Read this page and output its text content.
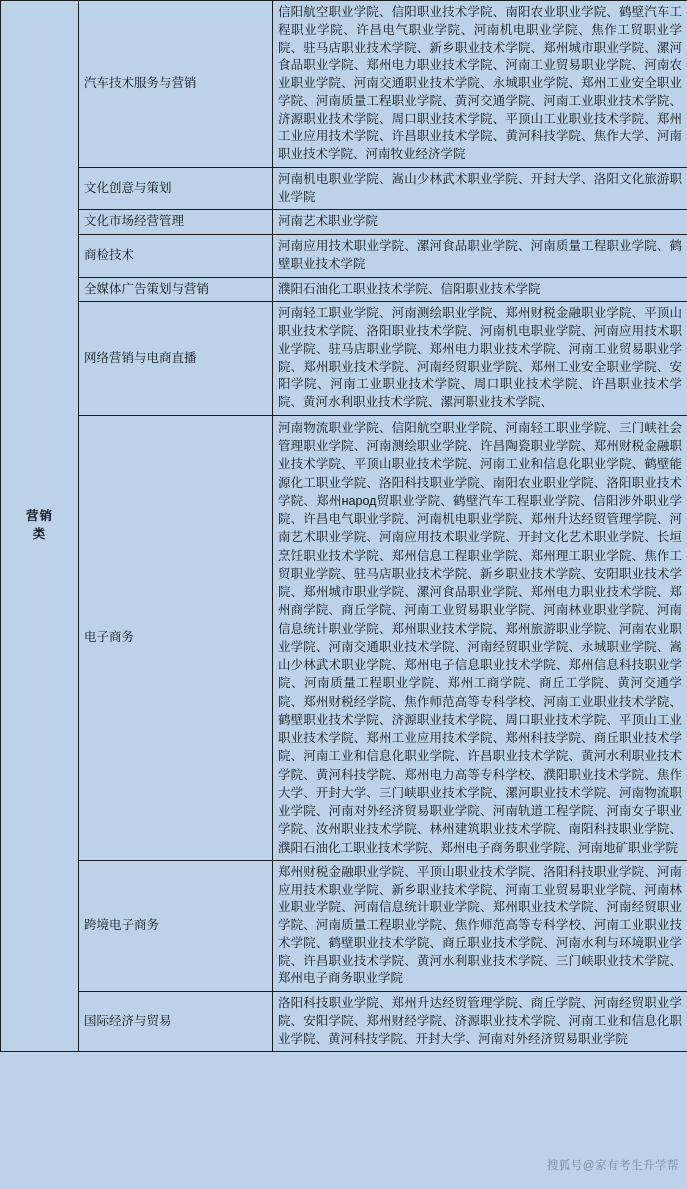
营销类	汽车技术服务与营销	信阳航空职业学院、信阳职业技术学院、南阳农业职业学院、鹤壁汽车工程职业学院、许昌电气职业学院、河南机电职业学院、焦作工贸职业学院、驻马店职业技术学院、新乡职业技术学院、郑州城市职业学院、漯河食品职业学院、郑州电力职业技术学院、河南工业贸易职业学院、河南农业职业学院、河南交通职业技术学院、永城职业学院、郑州工业安全职业学院、河南质量工程职业学院、黄河交通学院、河南工业职业技术学院、济源职业技术学院、周口职业技术学院、平顶山工业职业技术学院、郑州工业应用技术学院、许昌职业技术学院、黄河科技学院、焦作大学、河南职业技术学院、河南牧业经济学院
	文化创意与策划	河南机电职业学院、嵩山少林武术职业学院、开封大学、洛阳文化旅游职业学院
	文化市场经营管理	河南艺术职业学院
	商检技术	河南应用技术职业学院、漯河食品职业学院、河南质量工程职业学院、鹤壁职业技术学院
	全媒体广告策划与营销	濮阳石油化工职业技术学院、信阳职业技术学院
	网络营销与电商直播	河南轻工职业学院、河南测绘职业学院、郑州财税金融职业学院、平顶山职业技术学院、洛阳职业技术学院、河南机电职业学院、河南应用技术职业学院、驻马店职业学院、郑州电力职业技术学院、河南工业贸易职业学院、郑州职业技术学院、河南经贸职业学院、郑州工业安全职业学院、安阳学院、河南工业职业技术学院、周口职业技术学院、许昌职业技术学院、黄河水利职业技术学院、漯河职业技术学院、
	电子商务	河南物流职业学院、信阳航空职业学院、河南轻工职业学院、三门峡社会管理职业学院、河南测绘职业学院、许昌陶瓷职业学院、郑州财税金融职业技术学院、平顶山职业技术学院、河南工业和信息化职业学院、鹤壁能源化工职业学院、洛阳科技职业学院、南阳农业职业学院、洛阳职业技术学院、郑州народ贸职业学院、鹤壁汽车工程职业学院、信阳涉外职业学院、许昌电气职业学院、河南机电职业学院、郑州升达经贸管理学院、河南艺术职业学院、河南应用技术职业学院、开封文化艺术职业学院、长垣烹饪职业技术学院、郑州信息工程职业学院、郑州理工职业学院、焦作工贸职业学院、驻马店职业技术学院、新乡职业技术学院、安阳职业技术学院、郑州城市职业学院、漯河食品职业学院、郑州电力职业技术学院、郑州商学院、商丘学院、河南工业贸易职业学院、河南林业职业学院、河南信息统计职业学院、郑州职业技术学院、郑州旅游职业学院、河南农业职业学院、河南交通职业技术学院、河南经贸职业学院、永城职业学院、嵩山少林武术职业学院、郑州电子信息职业技术学院、郑州信息科技职业学院、河南质量工程职业学院、郑州工商学院、商丘工学院、黄河交通学院、郑州财税经学院、焦作师范高等专科学校、河南工业职业技术学院、鹤壁职业技术学院、济源职业技术学院、周口职业技术学院、平顶山工业职业技术学院、郑州工业应用技术学院、郑州科技学院、商丘职业技术学院、河南工业和信息化职业学院、许昌职业技术学院、黄河水利职业技术学院、黄河科技学院、郑州电力高等专科学校、濮阳职业技术学院、焦作大学、开封大学、三门峡职业技术学院、漯河职业技术学院、河南物流职业学院、河南对外经济贸易职业学院、河南轨道工程学院、河南女子职业学院、汝州职业技术学院、林州建筑职业技术学院、南阳科技职业学院、濮阳石油化工职业技术学院、郑州电子商务职业学院、河南地矿职业学院
	跨境电子商务	郑州财税金融职业学院、平顶山职业技术学院、洛阳科技职业学院、河南应用技术职业学院、新乡职业技术学院、河南工业贸易职业学院、河南林业职业学院、河南信息统计职业学院、郑州职业技术学院、河南经贸职业学院、河南质量工程职业学院、焦作师范高等专科学校、河南工业职业技术学院、鹤壁职业技术学院、商丘职业技术学院、河南水利与环境职业学院、许昌职业技术学院、黄河水利职业技术学院、三门峡职业技术学院、郑州电子商务职业学院
	国际经济与贸易	洛阳科技职业学院、郑州升达经贸管理学院、商丘学院、河南经贸职业学院、安阳学院、郑州财经学院、济源职业技术学院、河南工业和信息化职业学院、黄河科技学院、开封大学、河南对外经济贸易职业学院
搜狐号@家有考生升学帮
